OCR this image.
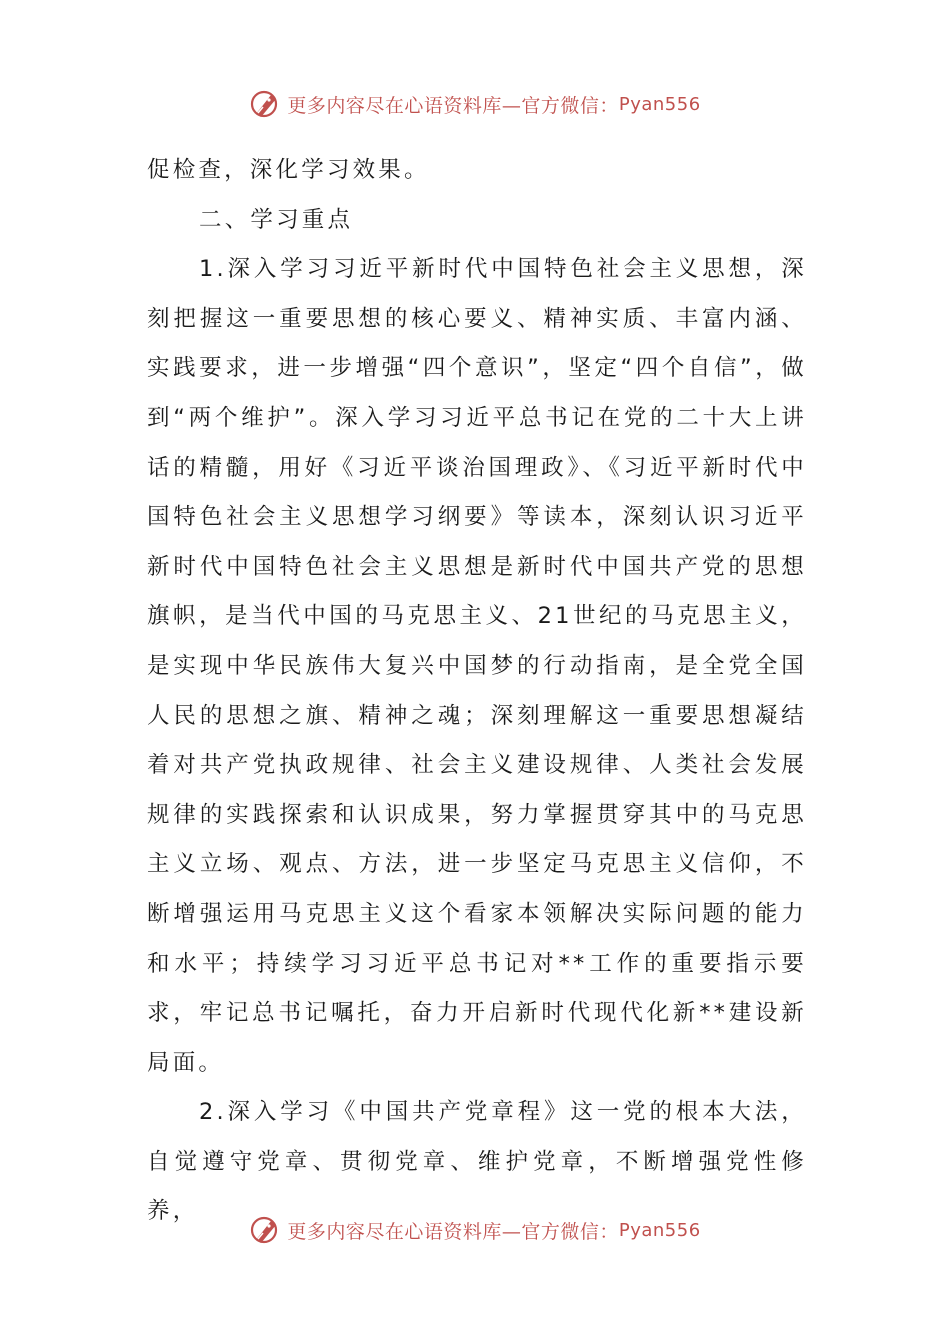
更多内容尽在心语资料库—官方微信： Pyan556

促检查，深化学习效果。

二、学习重点

1.深入学习习近平新时代中国特色社会主义思想，深刻把握这一重要思想的核心要义、精神实质、丰富内涵、实践要求，进一步增强“四个意识”，坚定“四个自信”，做到“两个维护”。深入学习习近平总书记在党的二十大上讲话的精髓，用好《习近平谈治国理政》、《习近平新时代中国特色社会主义思想学习纲要》等读本，深刻认识习近平新时代中国特色社会主义思想是新时代中国共产党的思想旗帜，是当代中国的马克思主义、21世纪的马克思主义，是实现中华民族伟大复兴中国梦的行动指南，是全党全国人民的思想之旗、精神之魂；深刻理解这一重要思想凝结着对共产党执政规律、社会主义建设规律、人类社会发展规律的实践探索和认识成果，努力掌握贯穿其中的马克思主义立场、观点、方法，进一步坚定马克思主义信仰，不断增强运用马克思主义这个看家本领解决实际问题的能力和水平；持续学习习近平总书记对**工作的重要指示要求，牢记总书记嘱托，奋力开启新时代现代化新**建设新局面。

2.深入学习《中国共产党章程》这一党的根本大法，自觉遵守党章、贯彻党章、维护党章，不断增强党性修养，

更多内容尽在心语资料库—官方微信： Pyan556
